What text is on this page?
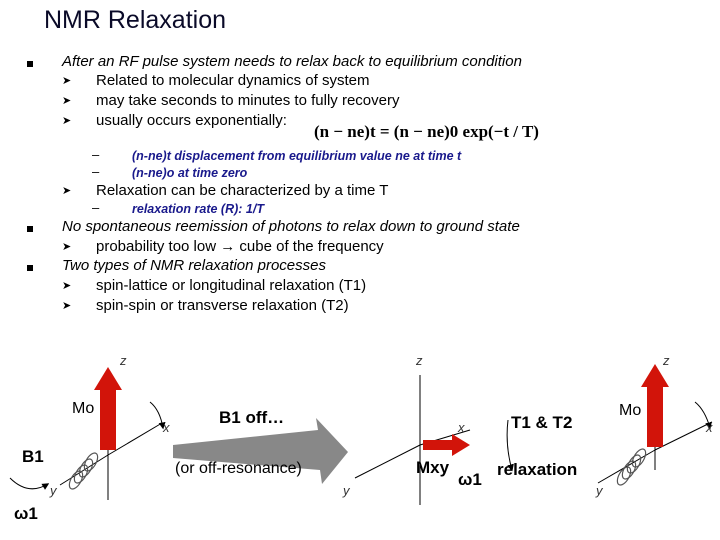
NMR Relaxation
After an RF pulse system needs to relax back to equilibrium condition
➤ Related to molecular dynamics of system
➤ may take seconds to minutes to fully recovery
➤ usually occurs exponentially:
(n − ne)t = (n − ne)0 exp(−t / T)
–	(n-ne)t displacement from equilibrium value ne at time t
–	(n-ne)o at time zero
➤ Relaxation can be characterized by a time T
–	relaxation rate (R): 1/T
No spontaneous reemission of photons to relax down to ground state
➤ probability too low → cube of the frequency
Two types of NMR relaxation processes
➤ spin-lattice or longitudinal relaxation (T1)
➤ spin-spin or transverse relaxation (T2)
z	z	z
Mo
x
B1 off…
x	T1 & T2
Mo
x
B1
(or off-resonance)	Mxy
ω1
relaxation
y	y	y
ω1
